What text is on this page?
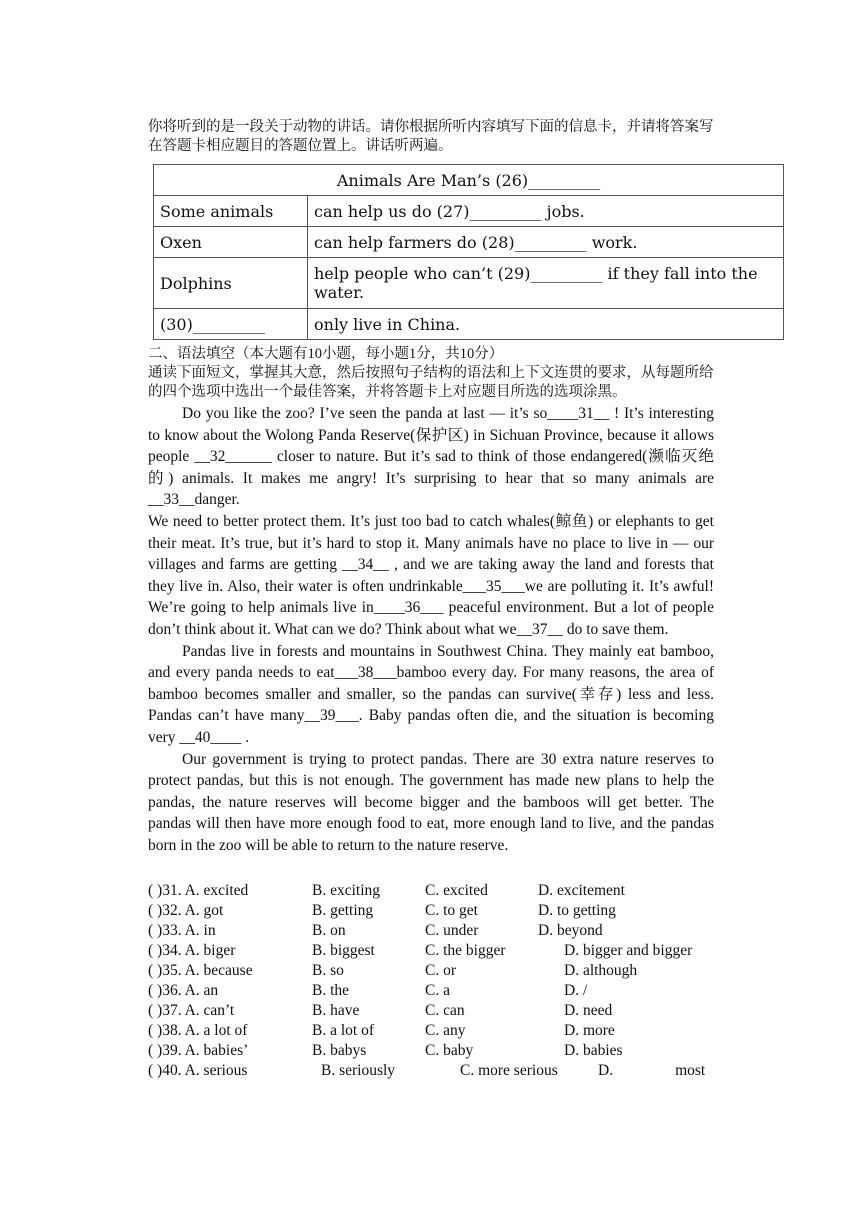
你将听到的是一段关于动物的讲话。请你根据所听内容填写下面的信息卡，并请将答案写在答题卡相应题目的答题位置上。讲话听两遍。

Animals Are Man’s (26)_________	
Some animals	can help us do (27)_________ jobs.
Oxen	can help farmers do (28)_________ work.
Dolphins	help people who can’t (29)_________ if they fall into the water.
(30)_________	only live in China.
二、语法填空（本大题有10小题，每小题1分，共10分）
通读下面短文，掌握其大意，然后按照句子结构的语法和上下文连贯的要求，从每题所给的四个选项中选出一个最佳答案，并将答题卡上对应题目所选的选项涂黑。

Do you like the zoo? I’ve seen the panda at last — it’s so____31__ ! It’s interesting to know about the Wolong Panda Reserve(保护区) in Sichuan Province, because it allows people __32______ closer to nature. But it’s sad to think of those endangered(濒临灭绝的) animals. It makes me angry! It’s surprising to hear that so many animals are __33__danger.

We need to better protect them. It’s just too bad to catch whales(鲸鱼) or elephants to get their meat. It’s true, but it’s hard to stop it. Many animals have no place to live in — our villages and farms are getting __34__ , and we are taking away the land and forests that they live in. Also, their water is often undrinkable___35___we are polluting it. It’s awful! We’re going to help animals live in____36___ peaceful environment. But a lot of people don’t think about it. What can we do? Think about what we__37__ do to save them.

Pandas live in forests and mountains in Southwest China. They mainly eat bamboo, and every panda needs to eat___38___bamboo every day. For many reasons, the area of bamboo becomes smaller and smaller, so the pandas can survive(幸存) less and less. Pandas can’t have many__39___. Baby pandas often die, and the situation is becoming very __40____ .

Our government is trying to protect pandas. There are 30 extra nature reserves to protect pandas, but this is not enough. The government has made new plans to help the pandas, the nature reserves will become bigger and the bamboos will get better. The pandas will then have more enough food to eat, more enough land to live, and the pandas born in the zoo will be able to return to the nature reserve.

( )31. A. excited	B. exciting	C. excited	D. excitement
( )32. A. got	B. getting	C. to get	D. to getting
( )33. A. in	B. on	C. under	D. beyond
( )34. A. biger	B. biggest	C. the bigger	D. bigger and bigger
( )35. A. because	B. so	C. or	D. although
( )36. A. an	B. the	C. a	D. /
( )37. A. can’t	B. have	C. can	D. need
( )38. A. a lot of	B. a lot of	C. any	D. more
( )39. A. babies’	B. babys	C. baby	D. babies
( )40. A. serious	B. seriously	C. more serious	D.                most
